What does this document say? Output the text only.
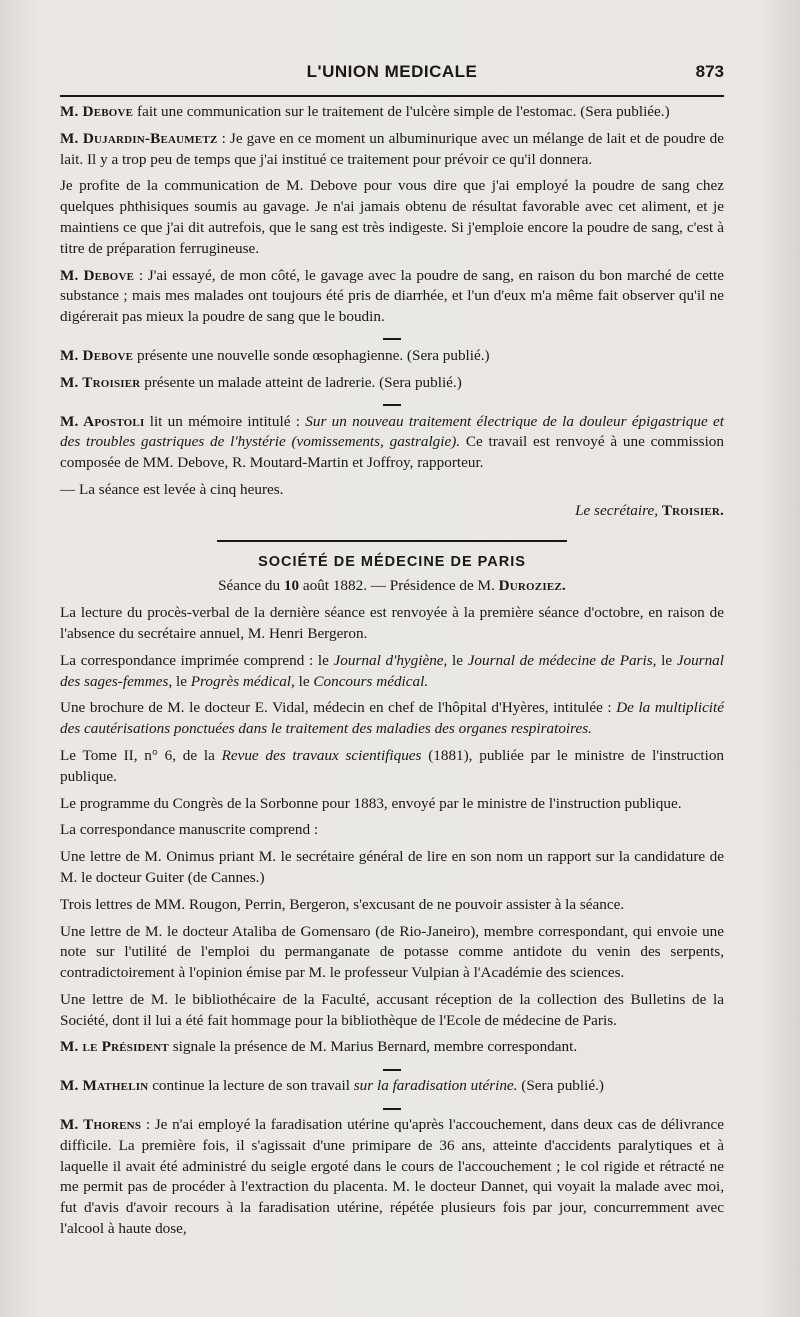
L'UNION MEDICALE	873

M. Debove fait une communication sur le traitement de l'ulcère simple de l'estomac. (Sera publiée.)

M. Dujardin-Beaumetz : Je gave en ce moment un albuminurique avec un mélange de lait et de poudre de lait. Il y a trop peu de temps que j'ai institué ce traitement pour prévoir ce qu'il donnera.

Je profite de la communication de M. Debove pour vous dire que j'ai employé la poudre de sang chez quelques phthisiques soumis au gavage. Je n'ai jamais obtenu de résultat favorable avec cet aliment, et je maintiens ce que j'ai dit autrefois, que le sang est très indigeste. Si j'emploie encore la poudre de sang, c'est à titre de préparation ferrugineuse.

M. Debove : J'ai essayé, de mon côté, le gavage avec la poudre de sang, en raison du bon marché de cette substance ; mais mes malades ont toujours été pris de diarrhée, et l'un d'eux m'a même fait observer qu'il ne digérerait pas mieux la poudre de sang que le boudin.

M. Debove présente une nouvelle sonde œsophagienne. (Sera publié.)

M. Troisier présente un malade atteint de ladrerie. (Sera publié.)

M. Apostoli lit un mémoire intitulé : Sur un nouveau traitement électrique de la douleur épigastrique et des troubles gastriques de l'hystérie (vomissements, gastralgie). Ce travail est renvoyé à une commission composée de MM. Debove, R. Moutard-Martin et Joffroy, rapporteur.

— La séance est levée à cinq heures.

Le secrétaire, Troisier.
SOCIÉTÉ DE MÉDECINE DE PARIS
Séance du 10 août 1882. — Présidence de M. Duroziez.

La lecture du procès-verbal de la dernière séance est renvoyée à la première séance d'octobre, en raison de l'absence du secrétaire annuel, M. Henri Bergeron.

La correspondance imprimée comprend : le Journal d'hygiène, le Journal de médecine de Paris, le Journal des sages-femmes, le Progrès médical, le Concours médical.

Une brochure de M. le docteur E. Vidal, médecin en chef de l'hôpital d'Hyères, intitulée : De la multiplicité des cautérisations ponctuées dans le traitement des maladies des organes respiratoires.

Le Tome II, n° 6, de la Revue des travaux scientifiques (1881), publiée par le ministre de l'instruction publique.

Le programme du Congrès de la Sorbonne pour 1883, envoyé par le ministre de l'instruction publique.

La correspondance manuscrite comprend :

Une lettre de M. Onimus priant M. le secrétaire général de lire en son nom un rapport sur la candidature de M. le docteur Guiter (de Cannes.)

Trois lettres de MM. Rougon, Perrin, Bergeron, s'excusant de ne pouvoir assister à la séance.

Une lettre de M. le docteur Ataliba de Gomensaro (de Rio-Janeiro), membre correspondant, qui envoie une note sur l'utilité de l'emploi du permanganate de potasse comme antidote du venin des serpents, contradictoirement à l'opinion émise par M. le professeur Vulpian à l'Académie des sciences.

Une lettre de M. le bibliothécaire de la Faculté, accusant réception de la collection des Bulletins de la Société, dont il lui a été fait hommage pour la bibliothèque de l'Ecole de médecine de Paris.

M. le Président signale la présence de M. Marius Bernard, membre correspondant.

M. Mathelin continue la lecture de son travail sur la faradisation utérine. (Sera publié.)

M. Thorens : Je n'ai employé la faradisation utérine qu'après l'accouchement, dans deux cas de délivrance difficile. La première fois, il s'agissait d'une primipare de 36 ans, atteinte d'accidents paralytiques et à laquelle il avait été administré du seigle ergoté dans le cours de l'accouchement ; le col rigide et rétracté ne me permit pas de procéder à l'extraction du placenta. M. le docteur Dannet, qui voyait la malade avec moi, fut d'avis d'avoir recours à la faradisation utérine, répétée plusieurs fois par jour, concurremment avec l'alcool à haute dose,
